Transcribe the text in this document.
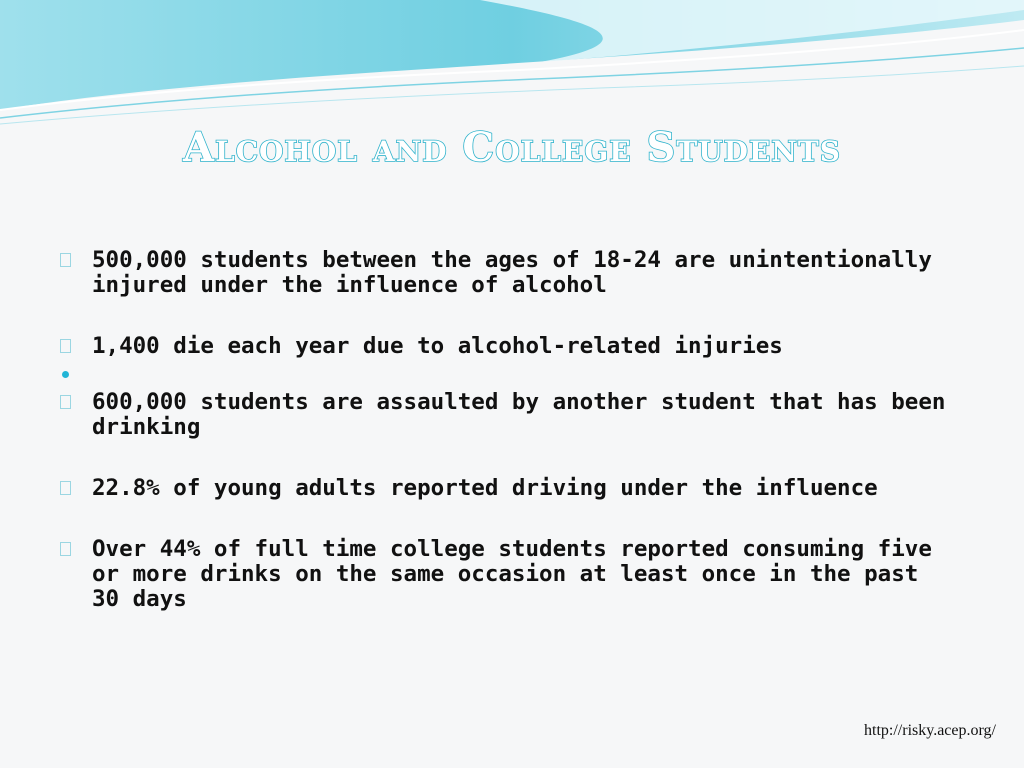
Alcohol and College Students
500,000 students between the ages of 18-24 are unintentionally injured under the influence of alcohol
1,400 die each year due to alcohol-related injuries
600,000 students are assaulted by another student that has been drinking
22.8% of young adults reported driving under the influence
Over 44% of full time college students reported consuming five or more drinks on the same occasion at least once in the past 30 days
http://risky.acep.org/
